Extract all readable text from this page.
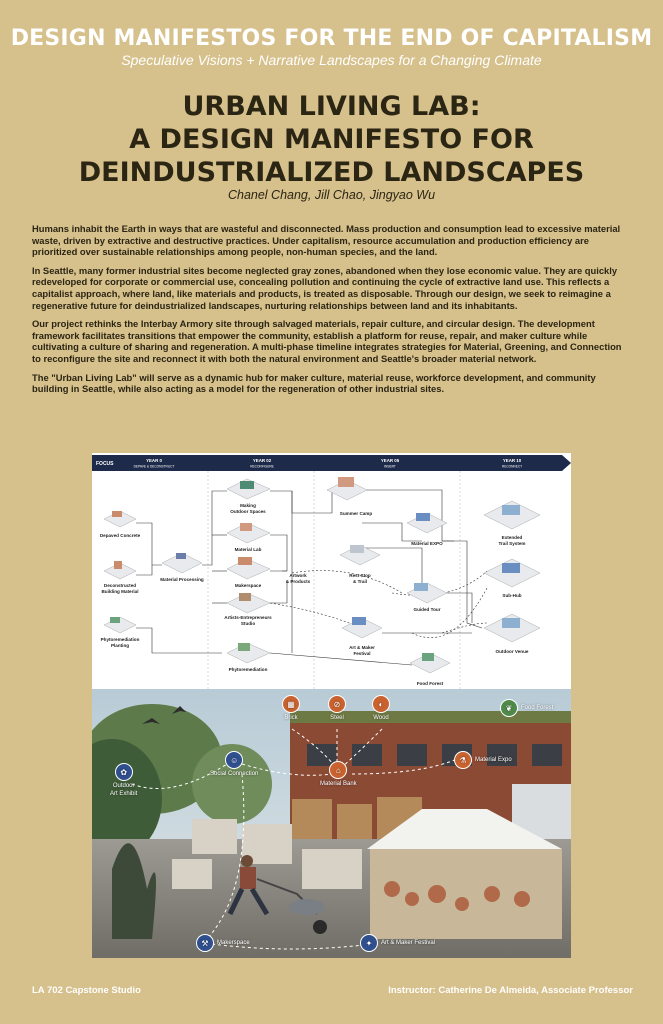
DESIGN MANIFESTOS FOR THE END OF CAPITALISM
Speculative Visions + Narrative Landscapes for a Changing Climate
URBAN LIVING LAB:
A DESIGN MANIFESTO FOR
DEINDUSTRIALIZED LANDSCAPES
Chanel Chang, Jill Chao, Jingyao Wu

Humans inhabit the Earth in ways that are wasteful and disconnected. Mass production and consumption lead to excessive material waste, driven by extractive and destructive practices. Under capitalism, resource accumulation and production efficiency are prioritized over sustainable relationships among people, non-human species, and the land.

In Seattle, many former industrial sites become neglected gray zones, abandoned when they lose economic value. They are quickly redeveloped for corporate or commercial use, concealing pollution and continuing the cycle of extractive land use. This reflects a capitalist approach, where land, like materials and products, is treated as disposable. Through our design, we seek to reimagine a regenerative future for deindustrialized landscapes, nurturing relationships between land and its inhabitants.

Our project rethinks the Interbay Armory site through salvaged materials, repair culture, and circular design. The development framework facilitates transitions that empower the community, establish a platform for reuse, repair, and maker culture while cultivating a culture of sharing and regeneration. A multi-phase timeline integrates strategies for Material, Greening, and Connection to reconfigure the site and reconnect it with both the natural environment and Seattle's broader material network.

The "Urban Living Lab" will serve as a dynamic hub for maker culture, material reuse, workforce development, and community building in Seattle, while also acting as a model for the regeneration of other industrial sites.

FOCUS
YEAR 0
DEPAVE & DECONSTRUCT
YEAR 02
RECONFIGURE
YEAR 05
INSERT
YEAR 10
RECONNECT
Depaved Concrete
Deconstructed
Building Material
Phytoremediation
Planting
Material Processing
Making
Outdoor Spaces
Material Lab
Makerspace
Artists-Entrepreneurs
Studio
Phytoremediation
Artwork
& Products
Summer Camp
Rest Stop
& Trail
Material EXPO
Guided Tour
Art & Maker
Festival
Food Forest
Extended
Trail System
Sub-Hub
Outdoor Venue
▦
Brick
⊘
Steel
◐
Wood
❦	Food Forest
✿
Outdoor
Art Exhibit
☺
Social Connection	⌂
Material Bank
⚗	Material Expo
⚒	Makerspace	✦	Art & Maker Festival
LA 702 Capstone Studio	Instructor: Catherine De Almeida, Associate Professor
